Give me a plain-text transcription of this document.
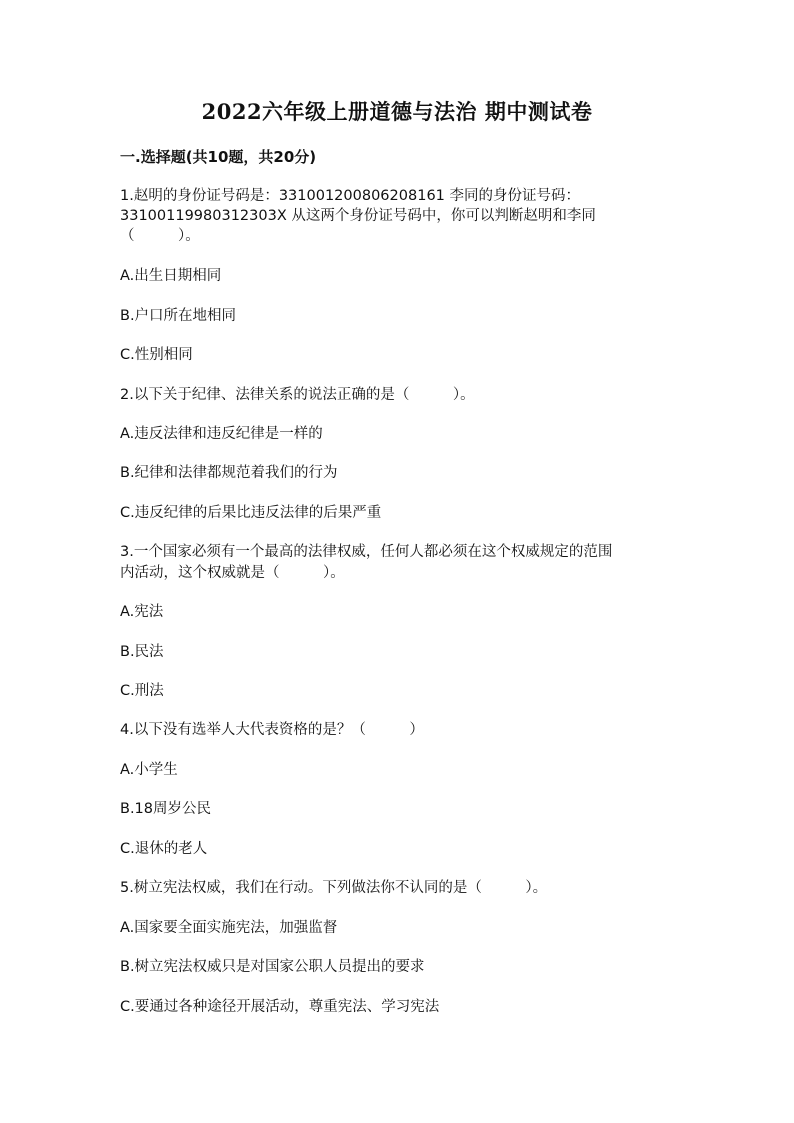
2022六年级上册道德与法治 期中测试卷
一.选择题(共10题，共20分)
1.赵明的身份证号码是：331001200806208161 李同的身份证号码：
33100119980312303X 从这两个身份证号码中，你可以判断赵明和李同
（　　　）。
A.出生日期相同
B.户口所在地相同
C.性别相同
2.以下关于纪律、法律关系的说法正确的是（　　　）。
A.违反法律和违反纪律是一样的
B.纪律和法律都规范着我们的行为
C.违反纪律的后果比违反法律的后果严重
3.一个国家必须有一个最高的法律权威，任何人都必须在这个权威规定的范围
内活动，这个权威就是（　　　）。
A.宪法
B.民法
C.刑法
4.以下没有选举人大代表资格的是？（　　　）
A.小学生
B.18周岁公民
C.退休的老人
5.树立宪法权威，我们在行动。下列做法你不认同的是（　　　）。
A.国家要全面实施宪法，加强监督
B.树立宪法权威只是对国家公职人员提出的要求
C.要通过各种途径开展活动，尊重宪法、学习宪法
